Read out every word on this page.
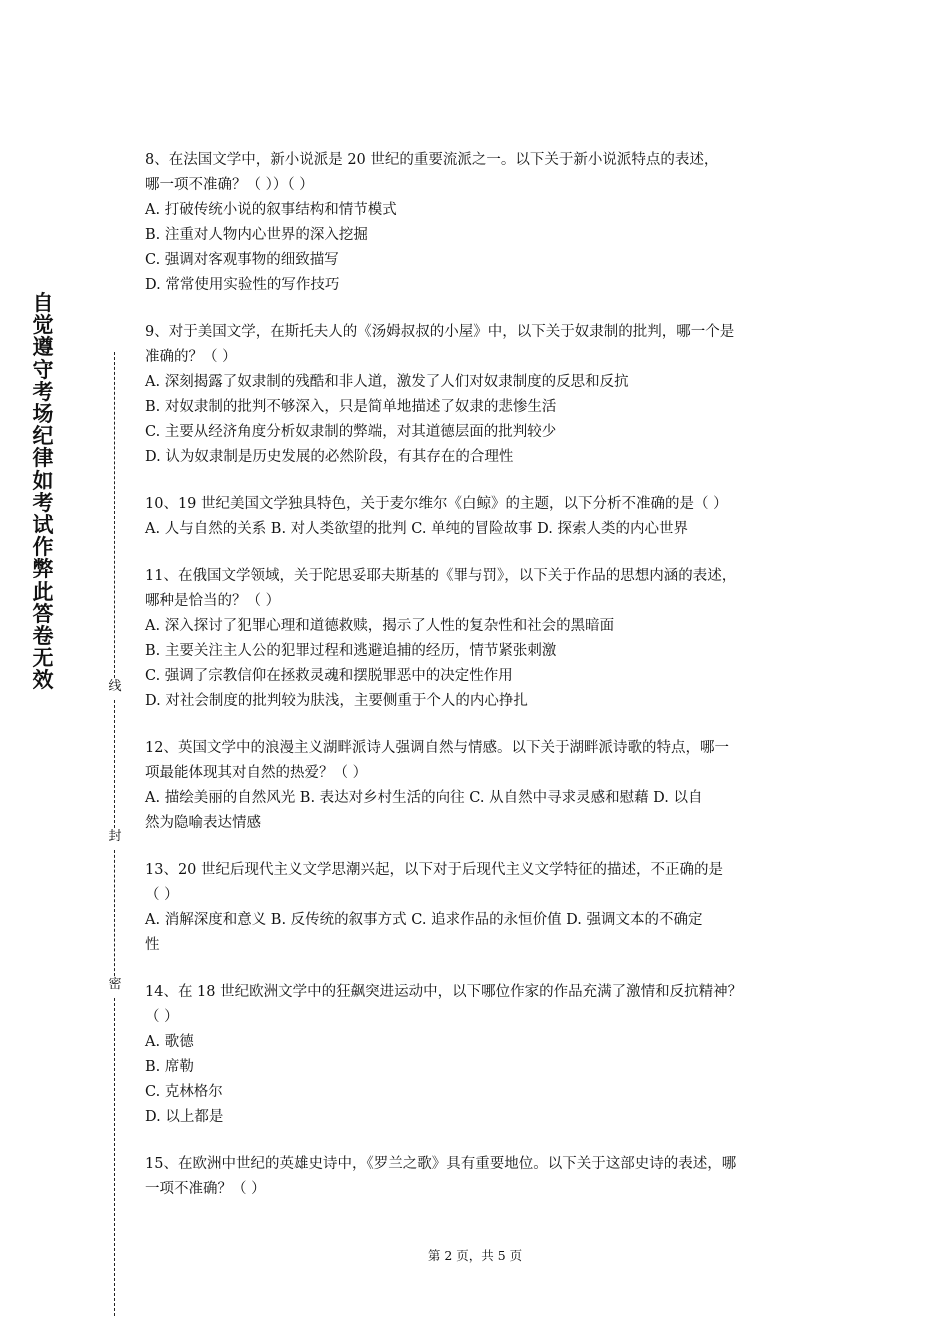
自觉遵守考场纪律如考试作弊此答卷无效	线
封
密

8、在法国文学中，新小说派是 20 世纪的重要流派之一。以下关于新小说派特点的表述，

哪一项不准确？（ ））（ ）

A. 打破传统小说的叙事结构和情节模式

B. 注重对人物内心世界的深入挖掘

C. 强调对客观事物的细致描写

D. 常常使用实验性的写作技巧

9、对于美国文学，在斯托夫人的《汤姆叔叔的小屋》中，以下关于奴隶制的批判，哪一个是

准确的？（ ）

A. 深刻揭露了奴隶制的残酷和非人道，激发了人们对奴隶制度的反思和反抗

B. 对奴隶制的批判不够深入，只是简单地描述了奴隶的悲惨生活

C. 主要从经济角度分析奴隶制的弊端，对其道德层面的批判较少

D. 认为奴隶制是历史发展的必然阶段，有其存在的合理性

10、19 世纪美国文学独具特色，关于麦尔维尔《白鲸》的主题，以下分析不准确的是（ ）

A. 人与自然的关系 B. 对人类欲望的批判 C. 单纯的冒险故事 D. 探索人类的内心世界

11、在俄国文学领域，关于陀思妥耶夫斯基的《罪与罚》，以下关于作品的思想内涵的表述，

哪种是恰当的？（ ）

A. 深入探讨了犯罪心理和道德救赎，揭示了人性的复杂性和社会的黑暗面

B. 主要关注主人公的犯罪过程和逃避追捕的经历，情节紧张刺激

C. 强调了宗教信仰在拯救灵魂和摆脱罪恶中的决定性作用

D. 对社会制度的批判较为肤浅，主要侧重于个人的内心挣扎

12、英国文学中的浪漫主义湖畔派诗人强调自然与情感。以下关于湖畔派诗歌的特点，哪一

项最能体现其对自然的热爱？（ ）

A. 描绘美丽的自然风光 B. 表达对乡村生活的向往 C. 从自然中寻求灵感和慰藉 D. 以自

然为隐喻表达情感

13、20 世纪后现代主义文学思潮兴起，以下对于后现代主义文学特征的描述，不正确的是

（ ）

A. 消解深度和意义 B. 反传统的叙事方式 C. 追求作品的永恒价值 D. 强调文本的不确定

性

14、在 18 世纪欧洲文学中的狂飙突进运动中，以下哪位作家的作品充满了激情和反抗精神？

（ ）

A. 歌德

B. 席勒

C. 克林格尔

D. 以上都是

15、在欧洲中世纪的英雄史诗中，《罗兰之歌》具有重要地位。以下关于这部史诗的表述，哪

一项不准确？（ ）

第 2 页，共 5 页
